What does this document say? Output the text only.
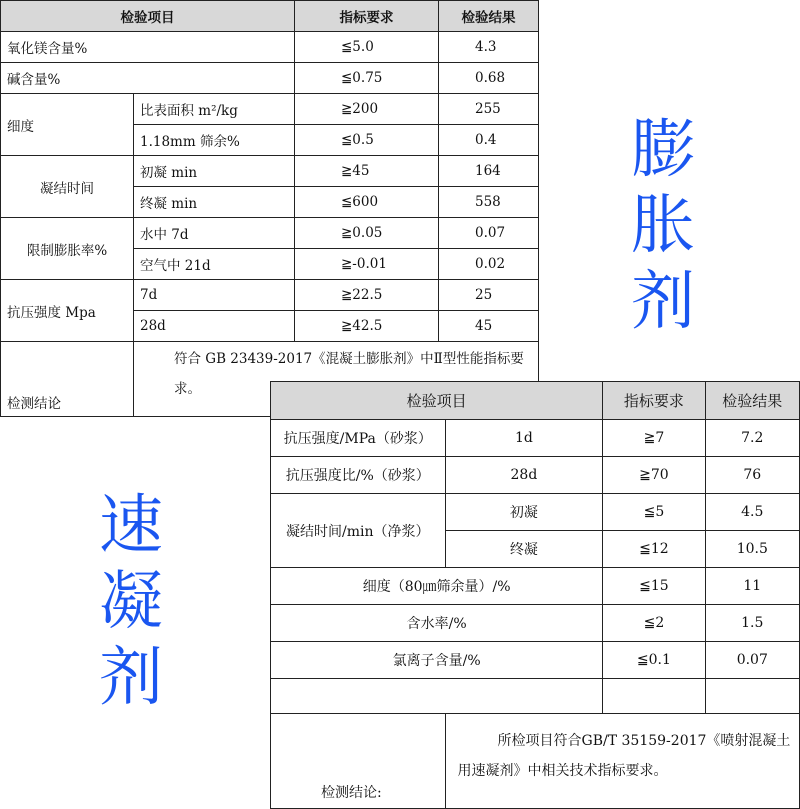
检验项目		指标要求	检验结果
氧化镁含量%		≦5.0	4.3
碱含量%		≦0.75	0.68
细度	比表面积 m²/kg	≧200	255
	1.18mm 筛余%	≦0.5	0.4
凝结时间	初凝 min	≧45	164
	终凝 min	≦600	558
限制膨胀率%	水中 7d	≧0.05	0.07
	空气中 21d	≧-0.01	0.02
抗压强度 Mpa	7d	≧22.5	25
	28d	≧42.5	45
检测结论	符合 GB 23439-2017《混凝土膨胀剂》中Ⅱ型性能指标要求。		
膨
胀
剂
速
凝
剂
检验项目		指标要求	检验结果
抗压强度/MPa（砂浆）	1d	≧7	7.2
抗压强度比/%（砂浆）	28d	≧70	76
凝结时间/min（净浆）	初凝	≦5	4.5
	终凝	≦12	10.5
细度（80㎛筛余量）/%		≦15	11
含水率/%		≦2	1.5
氯离子含量/%		≦0.1	0.07

检测结论:	所检项目符合GB/T 35159-2017《喷射混凝土用速凝剂》中相关技术指标要求。		
